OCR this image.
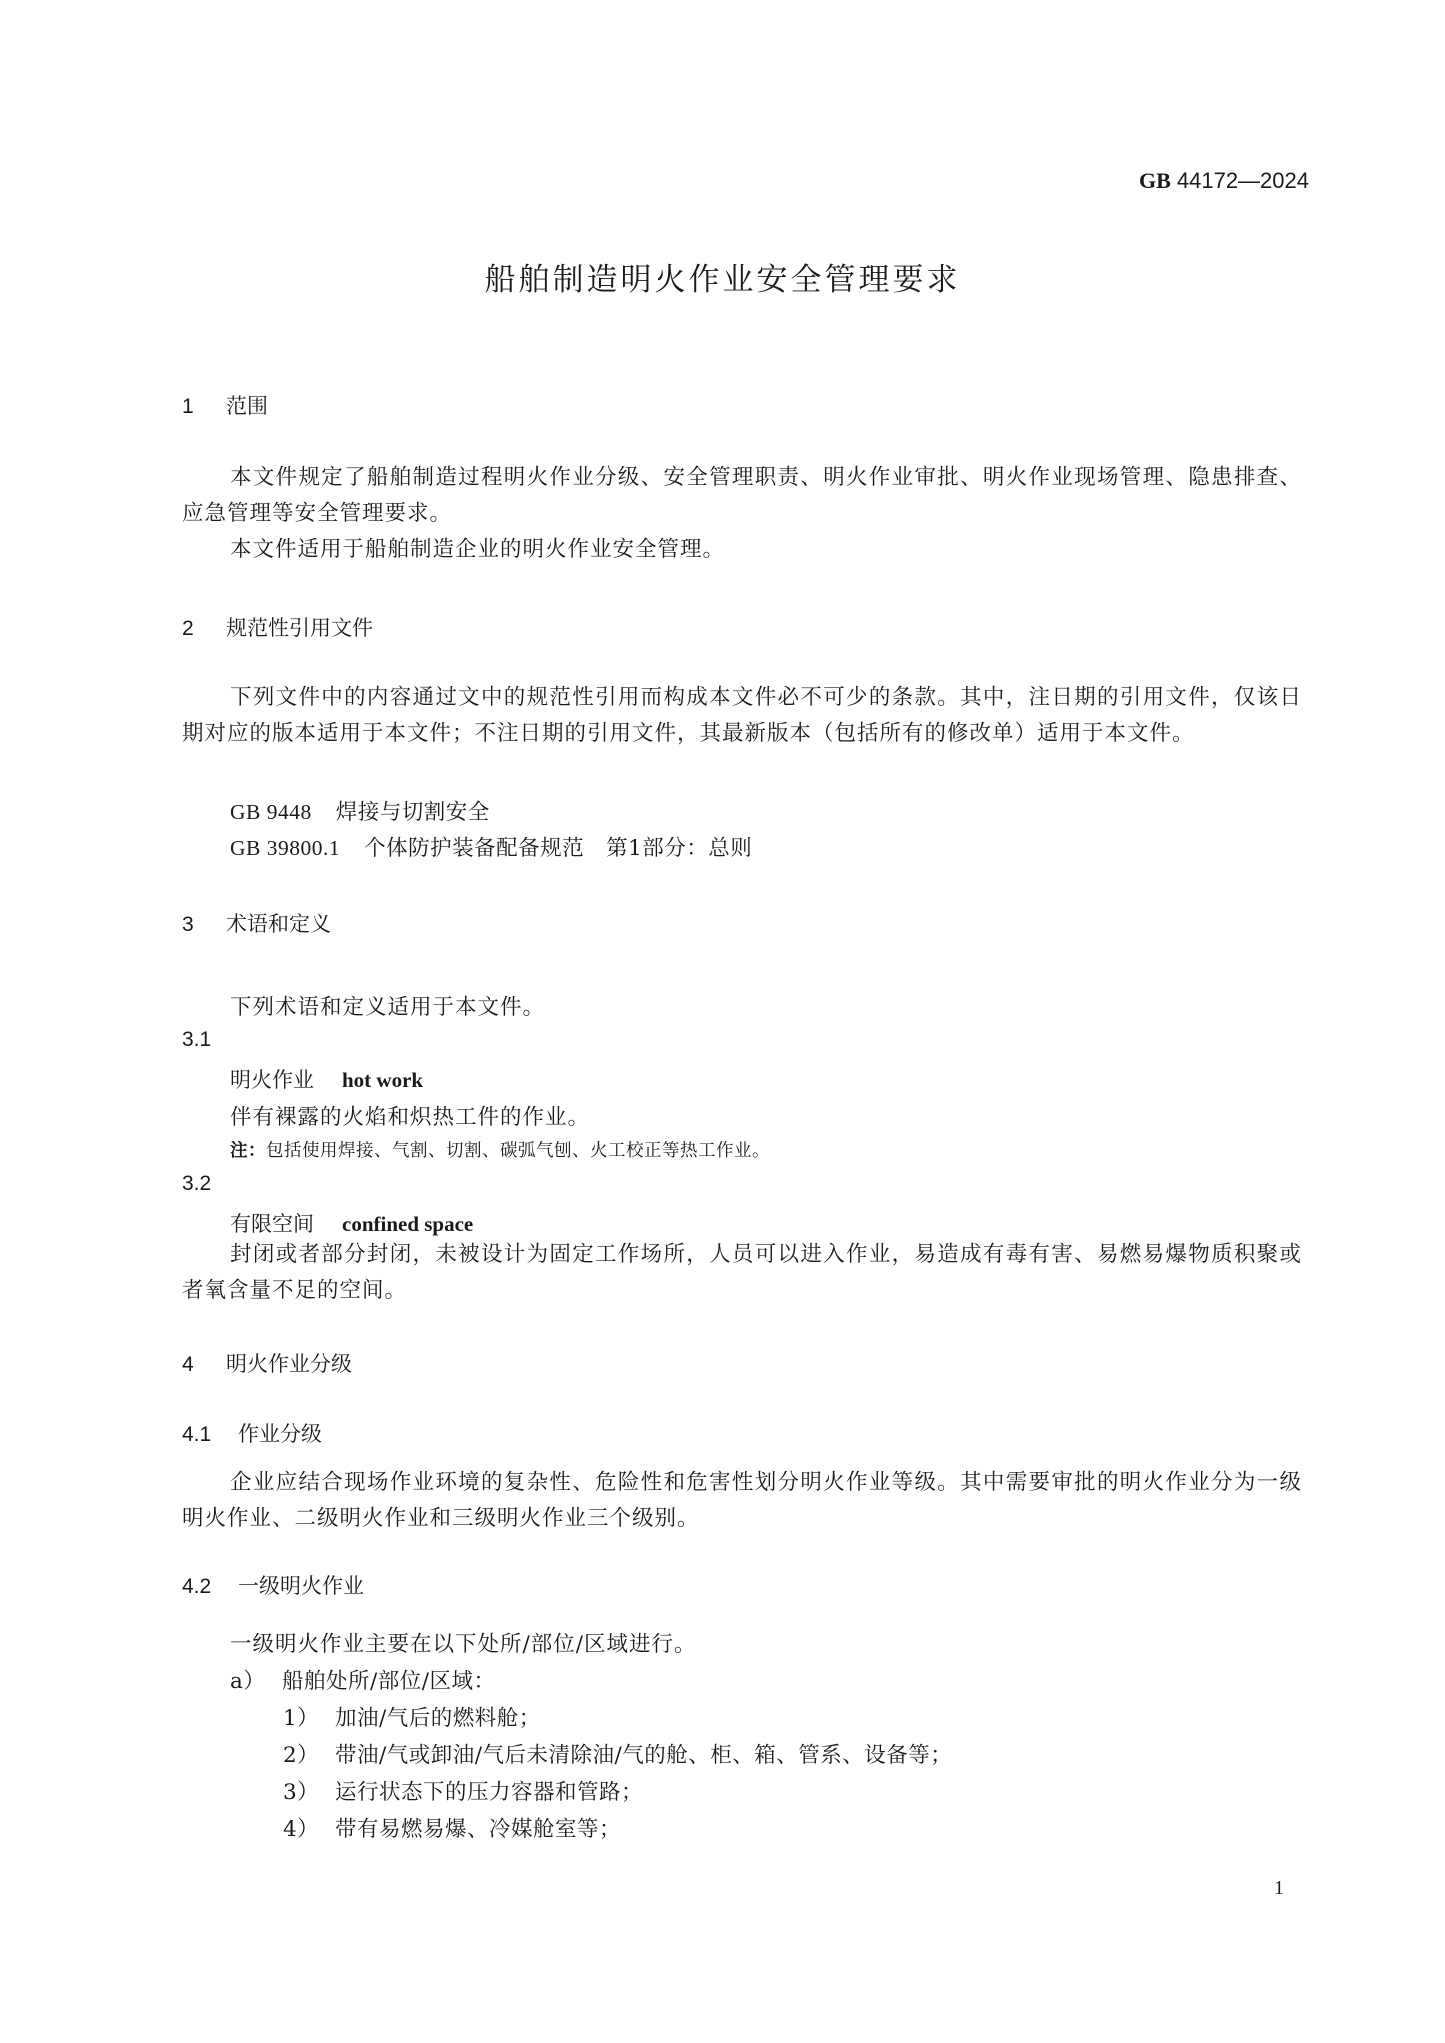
GB 44172—2024
船舶制造明火作业安全管理要求
1 范围
本文件规定了船舶制造过程明火作业分级、安全管理职责、明火作业审批、明火作业现场管理、隐患排查、应急管理等安全管理要求。
本文件适用于船舶制造企业的明火作业安全管理。
2 规范性引用文件
下列文件中的内容通过文中的规范性引用而构成本文件必不可少的条款。其中，注日期的引用文件，仅该日期对应的版本适用于本文件；不注日期的引用文件，其最新版本（包括所有的修改单）适用于本文件。
GB 9448 焊接与切割安全
GB 39800.1 个体防护装备配备规范　第1部分：总则
3 术语和定义
下列术语和定义适用于本文件。
3.1
明火作业 hot work
伴有裸露的火焰和炽热工件的作业。
注：包括使用焊接、气割、切割、碳弧气刨、火工校正等热工作业。
3.2
有限空间 confined space
封闭或者部分封闭，未被设计为固定工作场所，人员可以进入作业，易造成有毒有害、易燃易爆物质积聚或者氧含量不足的空间。
4 明火作业分级
4.1 作业分级
企业应结合现场作业环境的复杂性、危险性和危害性划分明火作业等级。其中需要审批的明火作业分为一级明火作业、二级明火作业和三级明火作业三个级别。
4.2 一级明火作业
一级明火作业主要在以下处所/部位/区域进行。
a） 船舶处所/部位/区域：
1） 加油/气后的燃料舱；
2） 带油/气或卸油/气后未清除油/气的舱、柜、箱、管系、设备等；
3） 运行状态下的压力容器和管路；
4） 带有易燃易爆、冷媒舱室等；
1
